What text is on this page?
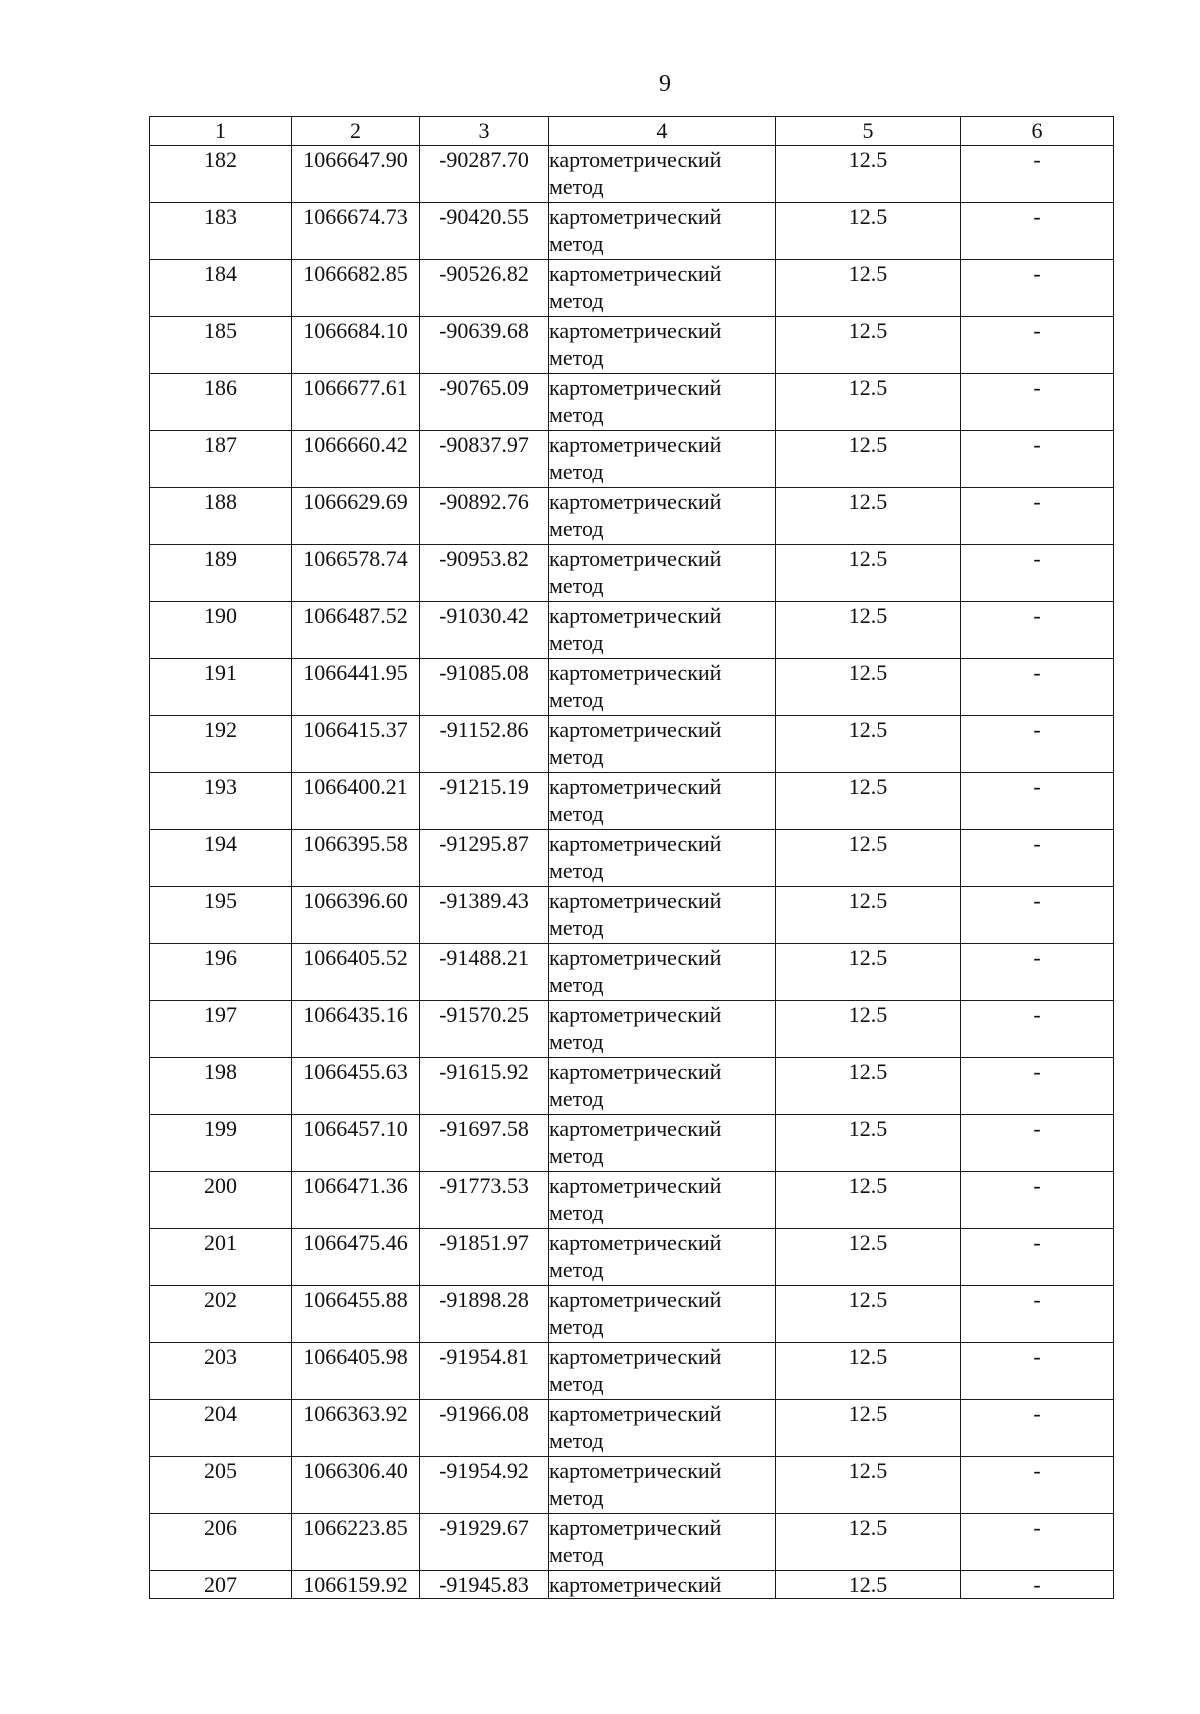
9
1	2	3	4	5	6
182	1066647.90	-90287.70	картометрический метод	12.5	-
183	1066674.73	-90420.55	картометрический метод	12.5	-
184	1066682.85	-90526.82	картометрический метод	12.5	-
185	1066684.10	-90639.68	картометрический метод	12.5	-
186	1066677.61	-90765.09	картометрический метод	12.5	-
187	1066660.42	-90837.97	картометрический метод	12.5	-
188	1066629.69	-90892.76	картометрический метод	12.5	-
189	1066578.74	-90953.82	картометрический метод	12.5	-
190	1066487.52	-91030.42	картометрический метод	12.5	-
191	1066441.95	-91085.08	картометрический метод	12.5	-
192	1066415.37	-91152.86	картометрический метод	12.5	-
193	1066400.21	-91215.19	картометрический метод	12.5	-
194	1066395.58	-91295.87	картометрический метод	12.5	-
195	1066396.60	-91389.43	картометрический метод	12.5	-
196	1066405.52	-91488.21	картометрический метод	12.5	-
197	1066435.16	-91570.25	картометрический метод	12.5	-
198	1066455.63	-91615.92	картометрический метод	12.5	-
199	1066457.10	-91697.58	картометрический метод	12.5	-
200	1066471.36	-91773.53	картометрический метод	12.5	-
201	1066475.46	-91851.97	картометрический метод	12.5	-
202	1066455.88	-91898.28	картометрический метод	12.5	-
203	1066405.98	-91954.81	картометрический метод	12.5	-
204	1066363.92	-91966.08	картометрический метод	12.5	-
205	1066306.40	-91954.92	картометрический метод	12.5	-
206	1066223.85	-91929.67	картометрический метод	12.5	-
207	1066159.92	-91945.83	картометрический	12.5	-
